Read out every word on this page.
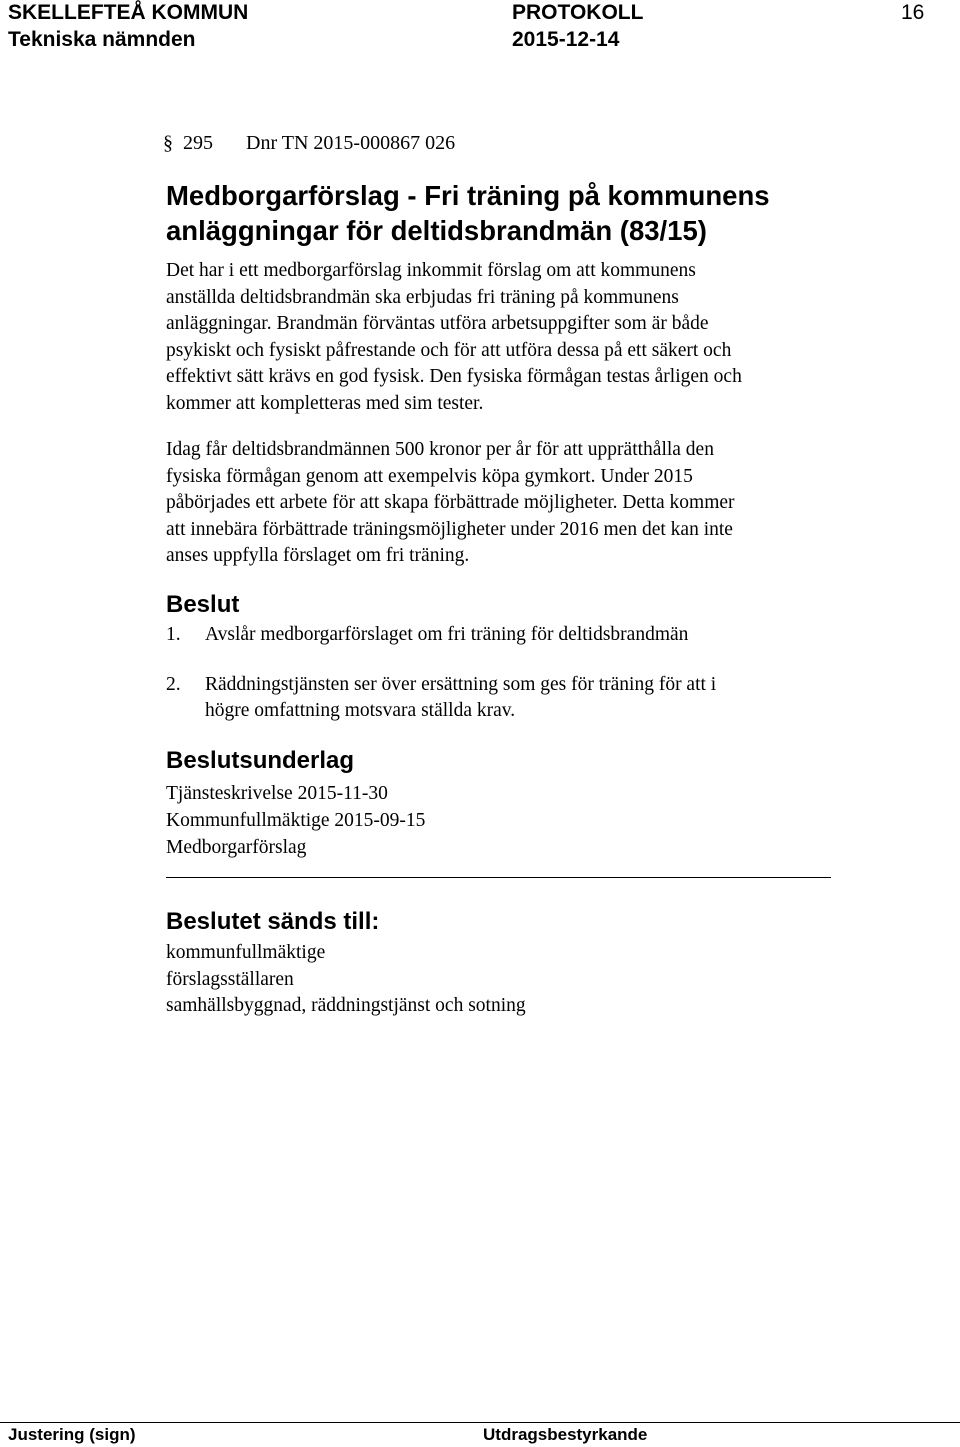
SKELLEFTEÅ KOMMUN	PROTOKOLL	16
Tekniska nämnden	2015-12-14
§ 295 Dnr TN 2015-000867 026
Medborgarförslag - Fri träning på kommunens
anläggningar för deltidsbrandmän (83/15)
Det har i ett medborgarförslag inkommit förslag om att kommunens
anställda deltidsbrandmän ska erbjudas fri träning på kommunens
anläggningar. Brandmän förväntas utföra arbetsuppgifter som är både
psykiskt och fysiskt påfrestande och för att utföra dessa på ett säkert och
effektivt sätt krävs en god fysisk. Den fysiska förmågan testas årligen och
kommer att kompletteras med sim tester.
Idag får deltidsbrandmännen 500 kronor per år för att upprätthålla den
fysiska förmågan genom att exempelvis köpa gymkort. Under 2015
påbörjades ett arbete för att skapa förbättrade möjligheter. Detta kommer
att innebära förbättrade träningsmöjligheter under 2016 men det kan inte
anses uppfylla förslaget om fri träning.
Beslut
1. Avslår medborgarförslaget om fri träning för deltidsbrandmän
2. Räddningstjänsten ser över ersättning som ges för träning för att i
högre omfattning motsvara ställda krav.
Beslutsunderlag
Tjänsteskrivelse 2015-11-30
Kommunfullmäktige 2015-09-15
Medborgarförslag
Beslutet sänds till:
kommunfullmäktige
förslagsställaren
samhällsbyggnad, räddningstjänst och sotning
Justering (sign)	Utdragsbestyrkande
